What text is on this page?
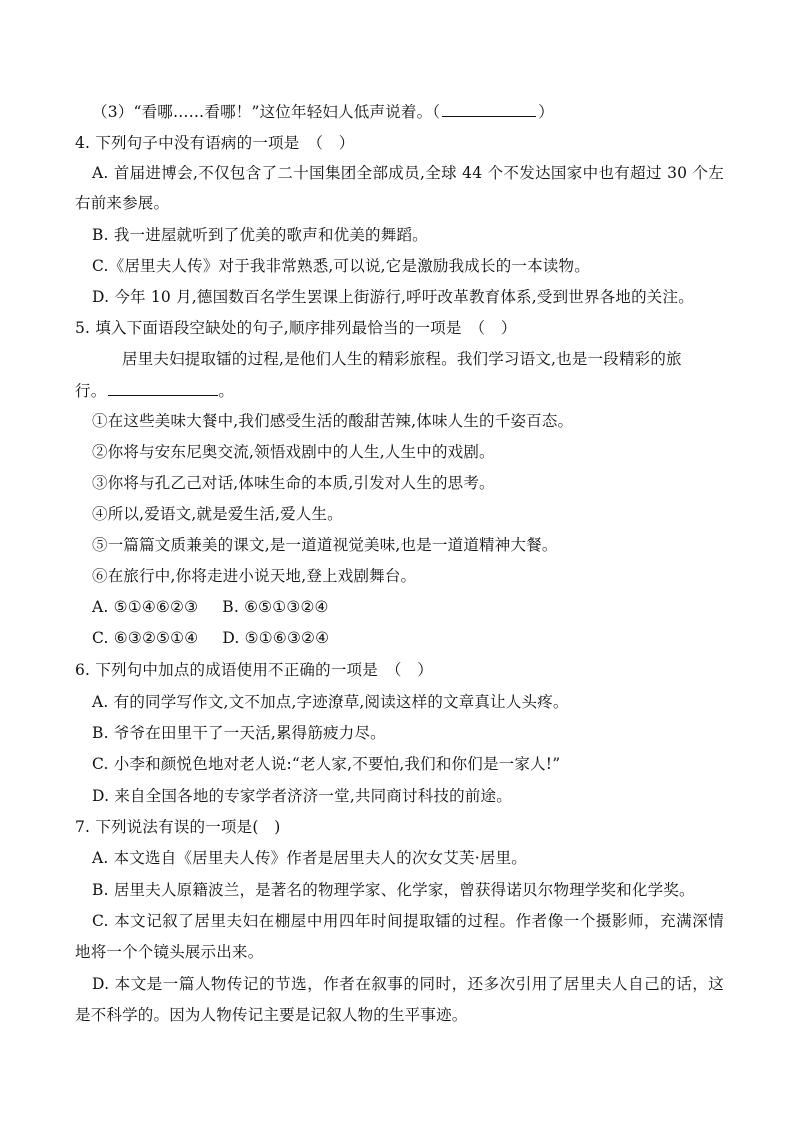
（3）“看哪……看哪！”这位年轻妇人低声说着。（	）
4. 下列句子中没有语病的一项是　（　）
A. 首届进博会,不仅包含了二十国集团全部成员,全球 44 个不发达国家中也有超过 30 个左
右前来参展。
B. 我一进屋就听到了优美的歌声和优美的舞蹈。
C.《居里夫人传》对于我非常熟悉,可以说,它是激励我成长的一本读物。
D. 今年 10 月,德国数百名学生罢课上街游行,呼吁改革教育体系,受到世界各地的关注。
5. 填入下面语段空缺处的句子,顺序排列最恰当的一项是　（　）
居里夫妇提取镭的过程,是他们人生的精彩旅程。我们学习语文,也是一段精彩的旅
行。	。
①在这些美味大餐中,我们感受生活的酸甜苦辣,体味人生的千姿百态。
②你将与安东尼奥交流,领悟戏剧中的人生,人生中的戏剧。
③你将与孔乙己对话,体味生命的本质,引发对人生的思考。
④所以,爱语文,就是爱生活,爱人生。
⑤一篇篇文质兼美的课文,是一道道视觉美味,也是一道道精神大餐。
⑥在旅行中,你将走进小说天地,登上戏剧舞台。
A. ⑤①④⑥②③ B. ⑥⑤①③②④
C. ⑥③②⑤①④ D. ⑤①⑥③②④
6. 下列句中加点的成语使用不正确的一项是　（　）
A. 有的同学写作文,文不加点,字迹潦草,阅读这样的文章真让人头疼。
B. 爷爷在田里干了一天活,累得筋疲力尽。
C. 小李和颜悦色地对老人说:“老人家,不要怕,我们和你们是一家人!”
D. 来自全国各地的专家学者济济一堂,共同商讨科技的前途。
7. 下列说法有误的一项是(　)
A. 本文选自《居里夫人传》作者是居里夫人的次女艾芙·居里。
B. 居里夫人原籍波兰，是著名的物理学家、化学家，曾获得诺贝尔物理学奖和化学奖。
C. 本文记叙了居里夫妇在棚屋中用四年时间提取镭的过程。作者像一个摄影师，充满深情
地将一个个镜头展示出来。
D. 本文是一篇人物传记的节选，作者在叙事的同时，还多次引用了居里夫人自己的话，这
是不科学的。因为人物传记主要是记叙人物的生平事迹。
